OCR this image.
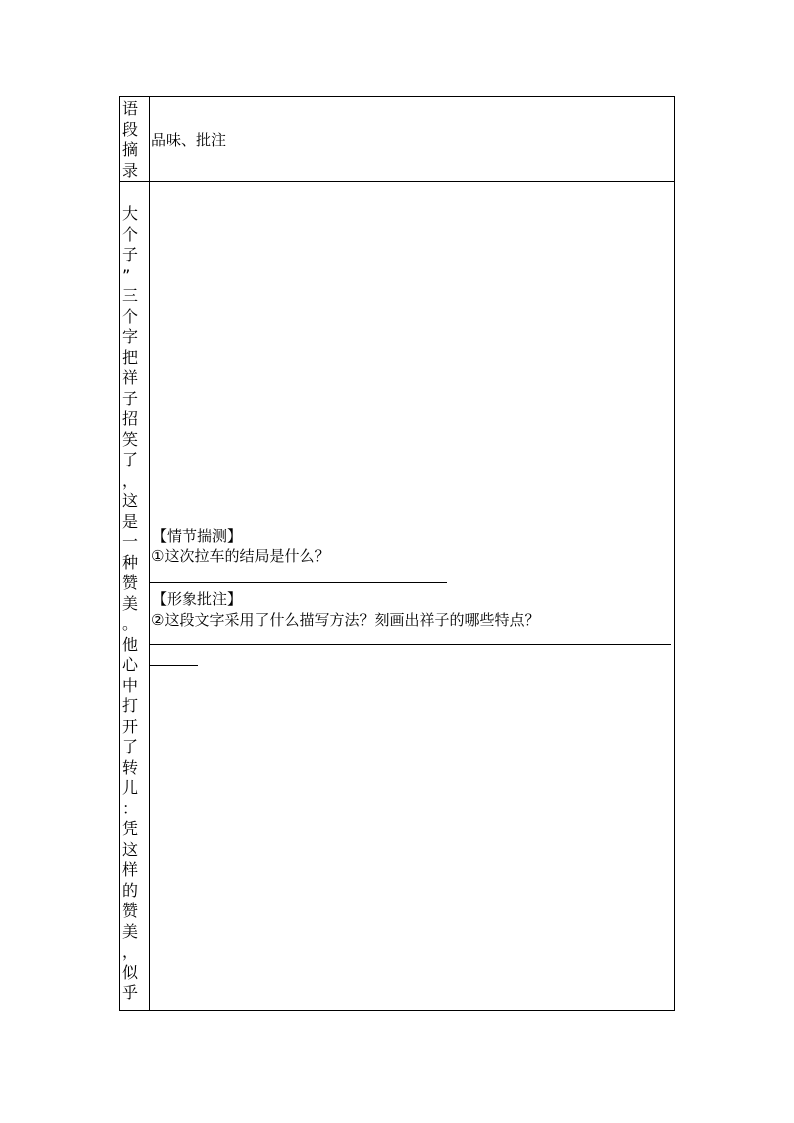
语
段
摘
录
品味、批注
大
个
子
”
三
个
字
把
祥
子
招
笑
了
，
这
是
一
种
赞
美
。
他
心
中
打
开
了
转
儿
：
凭
这
样
的
赞
美
，
似
乎
【情节揣测】
①这次拉车的结局是什么？
【形象批注】
②这段文字采用了什么描写方法？刻画出祥子的哪些特点？
